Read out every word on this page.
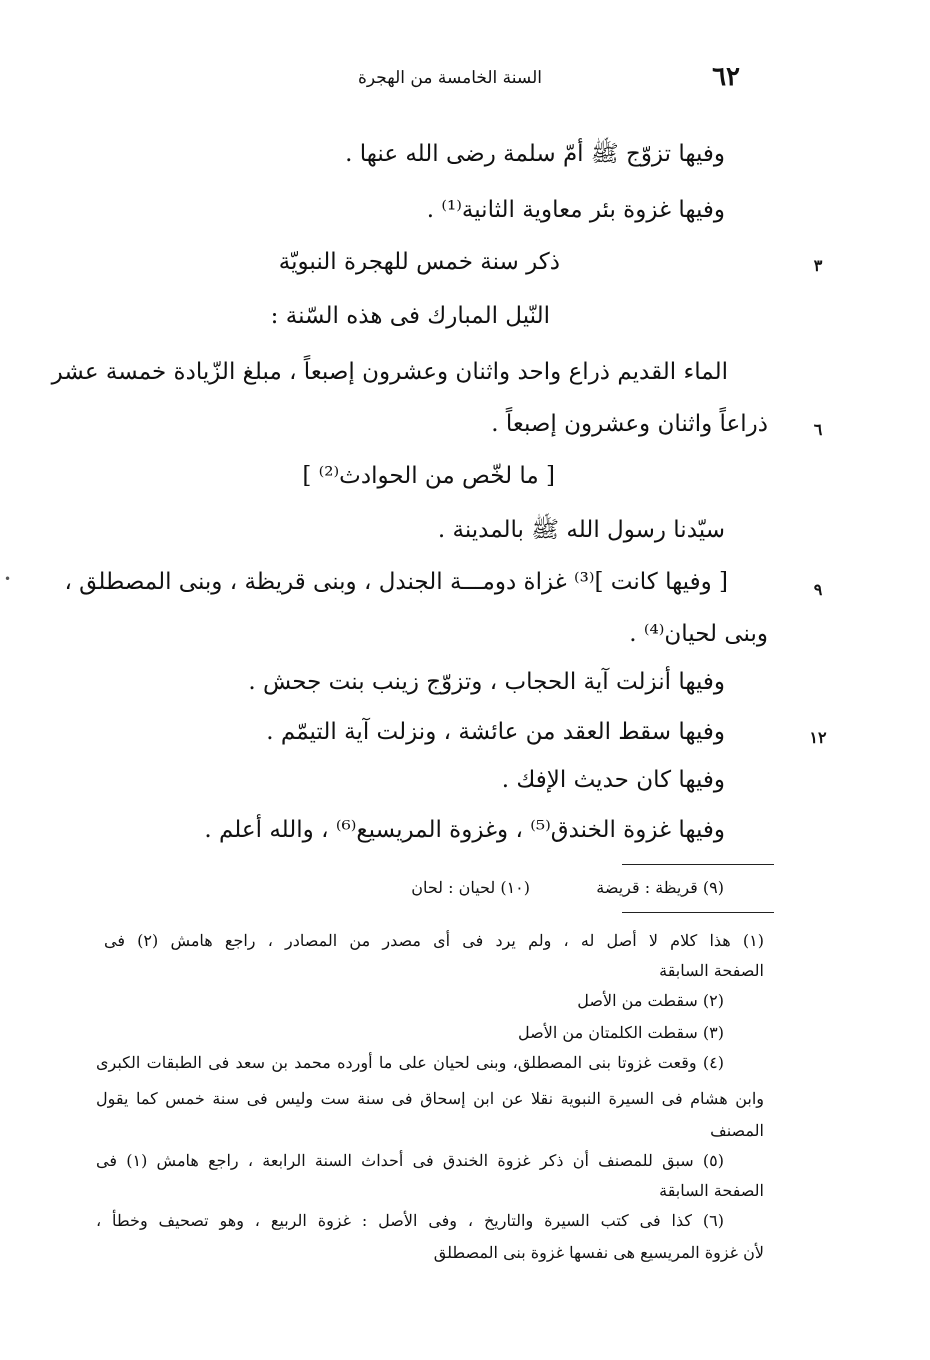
٦٢
السنة الخامسة من الهجرة
وفيها تزوّج ﷺ أمّ سلمة رضى الله عنها .
وفيها غزوة بئر معاوية الثانية⁽¹⁾ .
ذكر سنة خمس للهجرة النبويّة
النّيل المبارك فى هذه السّنة :
الماء القديم ذراع واحد واثنان وعشرون إصبعاً ، مبلغ الزّيادة خمسة عشر
ذراعاً واثنان وعشرون إصبعاً .
[ ما لخّص من الحوادث⁽²⁾ ]
سيّدنا رسول الله ﷺ بالمدينة .
[ وفيها كانت ]⁽³⁾ غزاة دومـــة الجندل ، وبنى قريظة ، وبنى المصطلق ،
وبنى لحيان⁽⁴⁾ .
وفيها أنزلت آية الحجاب ، وتزوّج زينب بنت جحش .
وفيها سقط العقد من عائشة ، ونزلت آية التيمّم .
وفيها كان حديث الإفك .
وفيها غزوة الخندق⁽⁵⁾ ، وغزوة المريسيع⁽⁶⁾ ، والله أعلم .
٣
٦
٩
١٢
•
(٩) قريظة : قريضة
(١٠) لحيان : لحان
(١) هذا كلام لا أصل له ، ولم يرد فى أى مصدر من المصادر ، راجع هامش (٢) فى
الصفحة السابقة
(٢) سقطت من الأصل
(٣) سقطت الكلمتان من الأصل
(٤) وقعت غزوتا بنى المصطلق، وبنى لحيان على ما أورده محمد بن سعد فى الطبقات الكبرى
وابن هشام فى السيرة النبوية نقلا عن ابن إسحاق فى سنة ست وليس فى سنة خمس كما يقول
المصنف
(٥) سبق للمصنف أن ذكر غزوة الخندق فى أحداث السنة الرابعة ، راجع هامش (١) فى
الصفحة السابقة
(٦) كذا فى كتب السيرة والتاريخ ، وفى الأصل : غزوة الربيع ، وهو تصحيف وخطأ ،
لأن غزوة المريسيع هى نفسها غزوة بنى المصطلق
